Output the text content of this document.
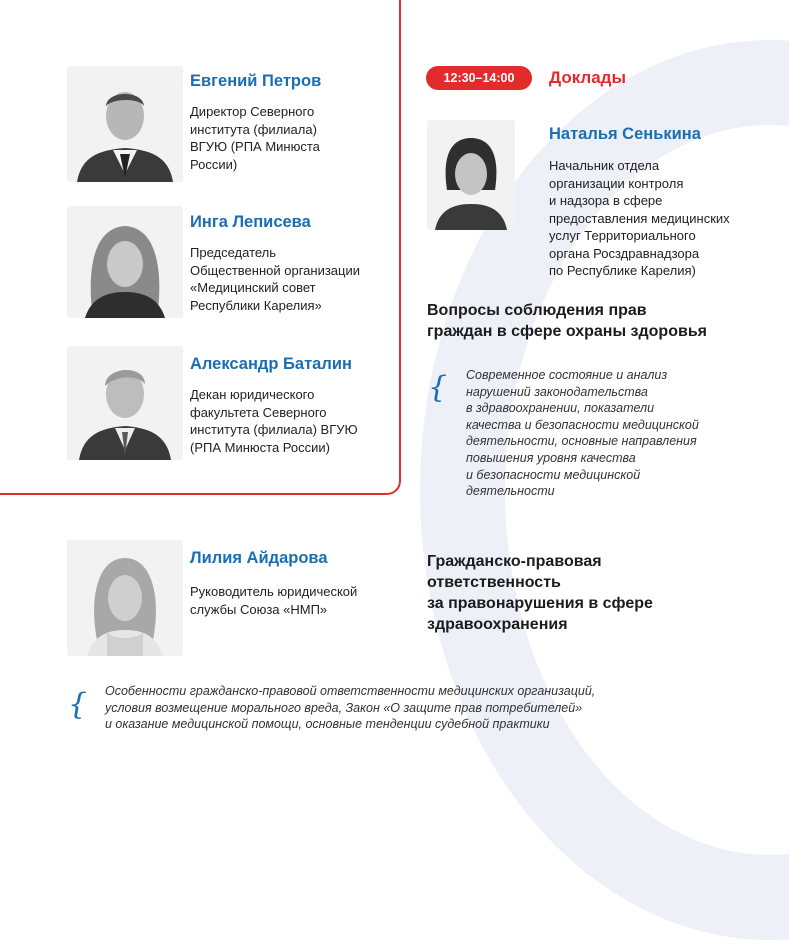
Евгений Петров
Директор Северного
института (филиала)
ВГУЮ (РПА Минюста
России)
Инга Леписева
Председатель
Общественной организации
«Медицинский совет
Республики Карелия»
Александр Баталин
Декан юридического
факультета Северного
института (филиала) ВГУЮ
(РПА Минюста России)
12:30–14:00	Доклады
Наталья Сенькина
Начальник отдела
организации контроля
и надзора в сфере
предоставления медицинских
услуг Территориального
органа Росздравнадзора
по Республике Карелия)
Вопросы соблюдения прав
граждан в сфере охраны здоровья
{ Современное состояние и анализ
нарушений законодательства
в здравоохранении, показатели
качества и безопасности медицинской
деятельности, основные направления
повышения уровня качества
и безопасности медицинской
деятельности
Лилия Айдарова
Руководитель юридической
службы Союза «НМП»
Гражданско-правовая
ответственность
за правонарушения в сфере
здравоохранения
{ Особенности гражданско-правовой ответственности медицинских организаций,
условия возмещение морального вреда, Закон «О защите прав потребителей»
и оказание медицинской помощи, основные тенденции судебной практики
